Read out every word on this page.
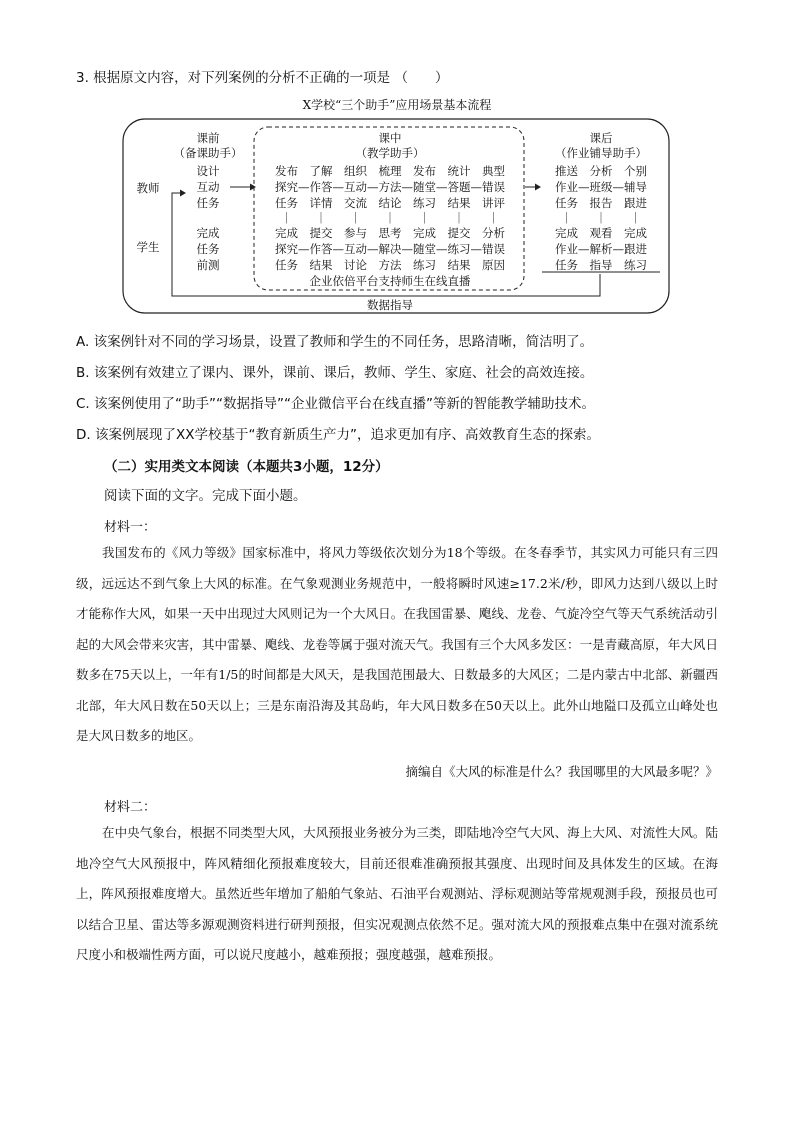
3. 根据原文内容，对下列案例的分析不正确的一项是 （　　）
X学校“三个助手”应用场景基本流程
教师
学生
课前
（备课助手）
设计
互动
任务
完成
任务
前测
课中
（教学助手）
发布　了解　组织　梳理　发布　统计　典型
探究—作答—互动—方法—随堂—答题—错误
任务　详情　交流　结论　练习　结果　讲评
｜　　｜　　｜　　｜　　｜　　｜　　｜
完成　提交　参与　思考　完成　提交　分析
探究—作答—互动—解决—随堂—练习—错误
任务　结果　讨论　方法　练习　结果　原因
企业依倍平台支持师生在线直播
课后
（作业铺导助手）
推送　分析　个别
作业—班级—辅导
任务　报告　跟进
｜　　｜　　｜
完成　观看　完成
作业—解析—跟进
任务　指导　练习
数据指导
A. 该案例针对不同的学习场景，设置了教师和学生的不同任务，思路清晰，简洁明了。
B. 该案例有效建立了课内、课外，课前、课后，教师、学生、家庭、社会的高效连接。
C. 该案例使用了“助手”“数据指导”“企业微信平台在线直播”等新的智能教学辅助技术。
D. 该案例展现了XX学校基于“教育新质生产力”，追求更加有序、高效教育生态的探索。
（二）实用类文本阅读（本题共3小题，12分）
阅读下面的文字。完成下面小题。
材料一：

我国发布的《风力等级》国家标准中，将风力等级依次划分为18个等级。在冬春季节，其实风力可能只有三四级，远远达不到气象上大风的标准。在气象观测业务规范中，一般将瞬时风速≥17.2米/秒，即风力达到八级以上时才能称作大风，如果一天中出现过大风则记为一个大风日。在我国雷暴、飑线、龙卷、气旋冷空气等天气系统活动引起的大风会带来灾害，其中雷暴、飑线、龙卷等属于强对流天气。我国有三个大风多发区：一是青藏高原，年大风日数多在75天以上，一年有1/5的时间都是大风天，是我国范围最大、日数最多的大风区；二是内蒙古中北部、新疆西北部，年大风日数在50天以上；三是东南沿海及其岛屿，年大风日数多在50天以上。此外山地隘口及孤立山峰处也是大风日数多的地区。

摘编自《大风的标准是什么？我国哪里的大风最多呢？》
材料二：

在中央气象台，根据不同类型大风，大风预报业务被分为三类，即陆地冷空气大风、海上大风、对流性大风。陆地冷空气大风预报中，阵风精细化预报难度较大，目前还很难准确预报其强度、出现时间及具体发生的区域。在海上，阵风预报难度增大。虽然近些年增加了船舶气象站、石油平台观测站、浮标观测站等常规观测手段，预报员也可以结合卫星、雷达等多源观测资料进行研判预报，但实况观测点依然不足。强对流大风的预报难点集中在强对流系统尺度小和极端性两方面，可以说尺度越小，越难预报；强度越强，越难预报。
